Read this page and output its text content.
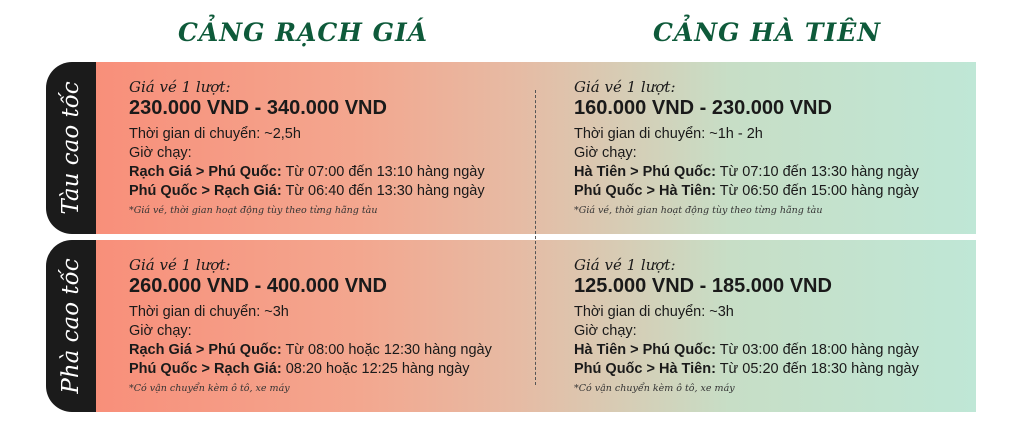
CẢNG RẠCH GIÁ	CẢNG HÀ TIÊN
Tàu cao tốc	Giá vé 1 lượt:
230.000 VND - 340.000 VND
Thời gian di chuyển: ~2,5h
Giờ chạy:
Rạch Giá > Phú Quốc: Từ 07:00 đến 13:10 hàng ngày
Phú Quốc > Rạch Giá: Từ 06:40 đến 13:30 hàng ngày
*Giá vé, thời gian hoạt động tùy theo từng hãng tàu
Giá vé 1 lượt:
160.000 VND - 230.000 VND
Thời gian di chuyển: ~1h - 2h
Giờ chạy:
Hà Tiên > Phú Quốc: Từ 07:10 đến 13:30 hàng ngày
Phú Quốc > Hà Tiên: Từ 06:50 đến 15:00 hàng ngày
*Giá vé, thời gian hoạt động tùy theo từng hãng tàu
Phà cao tốc	Giá vé 1 lượt:
260.000 VND - 400.000 VND
Thời gian di chuyển: ~3h
Giờ chạy:
Rạch Giá > Phú Quốc: Từ 08:00 hoặc 12:30 hàng ngày
Phú Quốc > Rạch Giá: 08:20 hoặc 12:25 hàng ngày
*Có vận chuyển kèm ô tô, xe máy
Giá vé 1 lượt:
125.000 VND - 185.000 VND
Thời gian di chuyển: ~3h
Giờ chạy:
Hà Tiên > Phú Quốc: Từ 03:00 đến 18:00 hàng ngày
Phú Quốc > Hà Tiên: Từ 05:20 đến 18:30 hàng ngày
*Có vận chuyển kèm ô tô, xe máy
